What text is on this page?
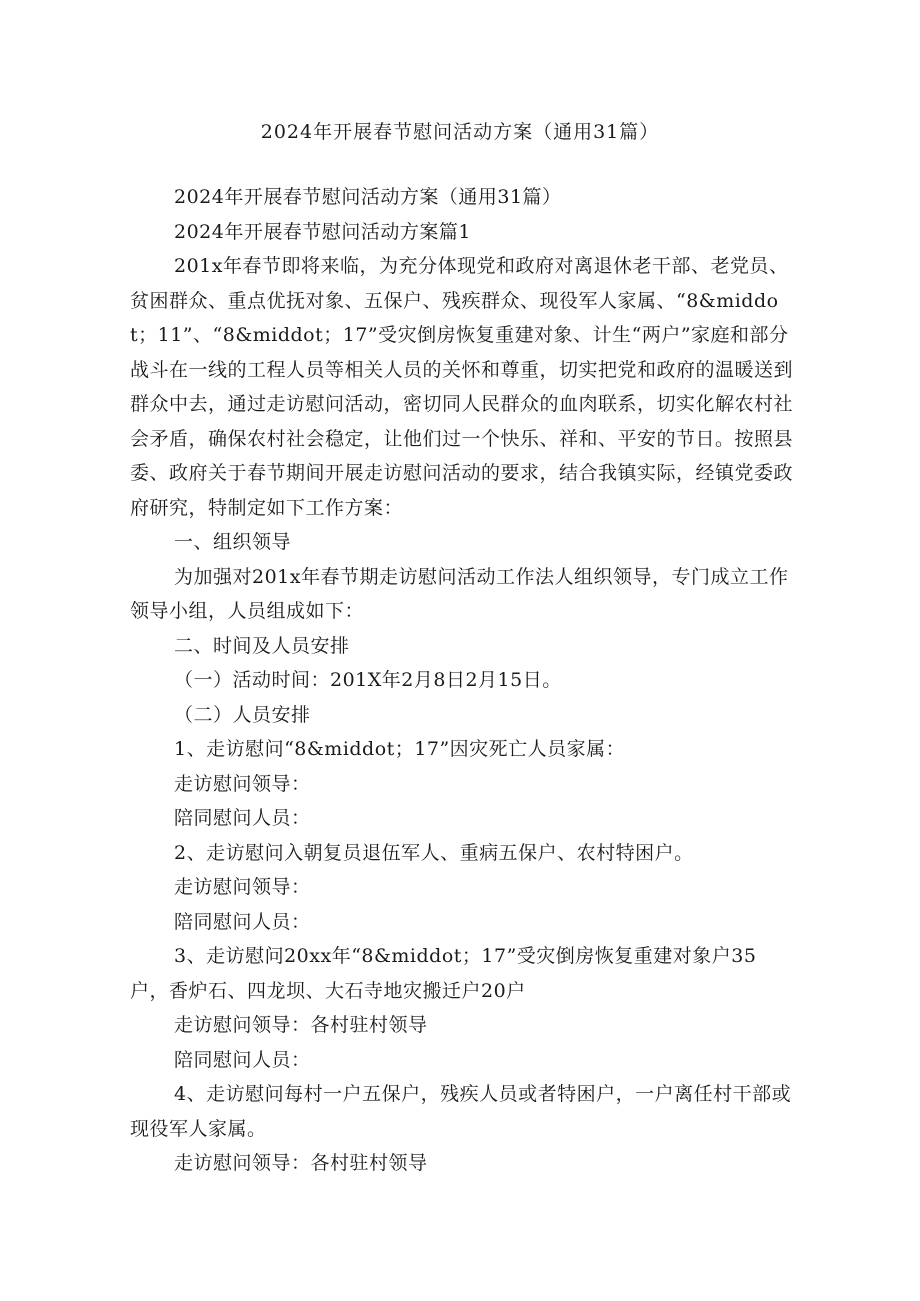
2024年开展春节慰问活动方案（通用31篇）

2024年开展春节慰问活动方案（通用31篇）

2024年开展春节慰问活动方案篇1

201x年春节即将来临，为充分体现党和政府对离退休老干部、老党员、贫困群众、重点优抚对象、五保户、残疾群众、现役军人家属、“8&middot；11”、“8&middot；17”受灾倒房恢复重建对象、计生“两户”家庭和部分战斗在一线的工程人员等相关人员的关怀和尊重，切实把党和政府的温暖送到群众中去，通过走访慰问活动，密切同人民群众的血肉联系，切实化解农村社会矛盾，确保农村社会稳定，让他们过一个快乐、祥和、平安的节日。按照县委、政府关于春节期间开展走访慰问活动的要求，结合我镇实际，经镇党委政府研究，特制定如下工作方案：

一、组织领导

为加强对201x年春节期走访慰问活动工作法人组织领导，专门成立工作领导小组，人员组成如下：

二、时间及人员安排

（一）活动时间：201X年2月8日2月15日。

（二）人员安排

1、走访慰问“8&middot；17”因灾死亡人员家属：

走访慰问领导：

陪同慰问人员：

2、走访慰问入朝复员退伍军人、重病五保户、农村特困户。

走访慰问领导：

陪同慰问人员：

3、走访慰问20xx年“8&middot；17”受灾倒房恢复重建对象户35户，香炉石、四龙坝、大石寺地灾搬迁户20户

走访慰问领导：各村驻村领导

陪同慰问人员：

4、走访慰问每村一户五保户，残疾人员或者特困户，一户离任村干部或现役军人家属。

走访慰问领导：各村驻村领导
